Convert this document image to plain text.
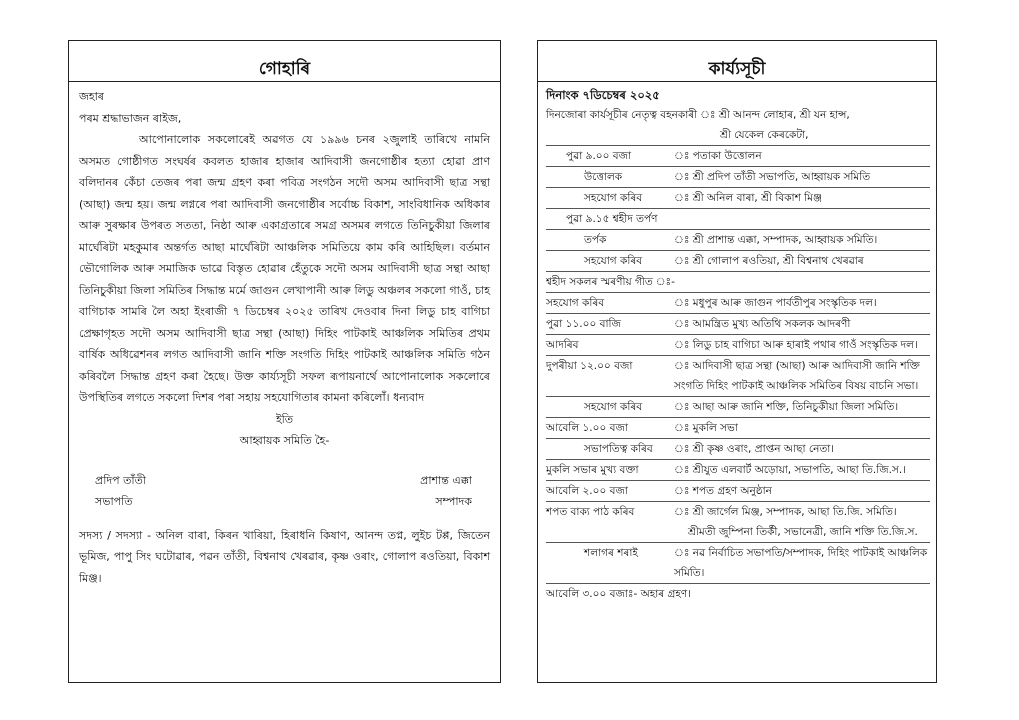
গোহাৰি

জহাৰ

পৰম শ্ৰদ্ধাভাজন ৰাইজ,

আপোনালোক সকলোৰেই অৱগত যে ১৯৯৬ চনৰ ২জুলাই তাৰিখে নামনি অসমত গোষ্ঠীগত সংঘৰ্ষৰ কবলত হাজাৰ হাজাৰ আদিবাসী জনগোষ্ঠীৰ হত্যা হোৱা প্ৰাণ বলিদানৰ কেঁচা তেজৰ পৰা জন্ম গ্ৰহণ কৰা পবিত্ৰ সংগঠন সদৌ অসম আদিবাসী ছাত্ৰ সন্থা (আছা) জন্ম হয়। জন্ম লগ্নৰে পৰা আদিবাসী জনগোষ্ঠীৰ সৰ্বোচ্চ বিকাশ, সাংবিধানিক অধিকাৰ আৰু সুৰক্ষাৰ উপৰত সততা, নিষ্ঠা আৰু একাগ্ৰতাৰে সমগ্ৰ অসমৰ লগতে তিনিচুকীয়া জিলাৰ মাৰ্ঘেৰিটা মহকুমাৰ অন্তৰ্গত আছা মাৰ্ঘেৰিটা আঞ্চলিক সমিতিয়ে কাম কৰি আহিছিল। বৰ্তমান ভৌগোলিক আৰু সমাজিক ভাৱে বিস্তৃত হোৱাৰ হেঁতুকে সদৌ অসম আদিবাসী ছাত্ৰ সন্থা আছা তিনিচুকীয়া জিলা সমিতিৰ সিদ্ধান্ত মৰ্মে জাগুন লেখাপানী আৰু লিডু অঞ্চলৰ সকলো গাওঁ, চাহ বাগিচাক সামৰি লৈ অহা ইংৰাজী ৭ ডিচেম্বৰ ২০২৫ তাৰিখ দেওবাৰ দিনা লিডু চাহ বাগিচা প্ৰেক্ষাগৃহত সদৌ অসম আদিবাসী ছাত্ৰ সন্থা (আছা) দিহিং পাটকাই আঞ্চলিক সমিতিৰ প্ৰথম বাৰ্ষিক অধিৱেশনৰ লগত আদিবাসী জানি শক্তি সংগতি দিহিং পাটকাই আঞ্চলিক সমিতি গঠন কৰিবলৈ সিদ্ধান্ত গ্ৰহণ কৰা হৈছে। উক্ত কাৰ্য্যসূচী সফল ৰূপায়নাৰ্থে আপোনালোক সকলোৰে উপস্থিতিৰ লগতে সকলো দিশৰ পৰা সহায় সহযোগিতাৰ কামনা কৰিলোঁ। ধন্যবাদ

ইতি

আহ্বায়ক সমিতি হৈ-

প্ৰদিপ তাঁতী	প্ৰাশান্ত এক্কা
সভাপতি	সম্পাদক

সদস্য / সদস্যা - অনিল বাৰা, কিৰন খাৰিয়া, হিৰাধনি কিষাণ, আনন্দ তপ্ন, লুইচ টপ্প, জিতেন ভূমিজ, পাপু সিং ঘটোৱাৰ, পৱন তাঁতী, বিশ্বনাথ খেৰৱাৰ, কৃষ্ণ ওৰাং, গোলাপ ৰওতিয়া, বিকাশ মিঞ্জ।

কাৰ্য্যসূচী
দিনাংক ৭ডিচেম্বৰ ২০২৫
দিনজোৰা কাৰ্যসূচীৰ নেতৃত্ব বহনকাৰী ঃ শ্ৰী আনন্দ লোহাৰ, শ্ৰী যন হান্স,
শ্ৰী যেকেল কেৰকেটা,
পুৱা ৯.০০ বজা	ঃ পতাকা উত্তোলন
উত্তোলক	ঃ শ্ৰী প্ৰদিপ তাঁতী সভাপতি, আহ্বায়ক সমিতি
সহযোগ কৰিব	ঃ শ্ৰী অনিল বাৰা, শ্ৰী বিকাশ মিঞ্জ
পুৱা ৯.১৫ শ্বহীদ তৰ্পণ
তৰ্পক	ঃ শ্ৰী প্ৰাশান্ত এক্কা, সম্পাদক, আহ্বায়ক সমিতি।
সহযোগ কৰিব	ঃ শ্ৰী গোলাপ ৰওতিয়া, শ্ৰী বিশ্বনাথ খেৰৱাৰ
শ্বহীদ সকলৰ স্মৰণীয় গীত ঃ-
সহযোগ কৰিব	ঃ মধুপুৰ আৰু জাগুন পাৰ্বতীপুৰ সংস্কৃতিক দল।
পুৱা ১১.০০ বাজি	ঃ আমন্ত্ৰিত মুখ্য অতিথি সকলক আদৰণী
আদৰিব	ঃ লিডু চাহ বাগিচা আৰু হাৰাই পথাৰ গাওঁ সংস্কৃতিক দল।
দুপৰীয়া ১২.০০ বজা	ঃ আদিবাসী ছাত্ৰ সন্থা (আছা) আৰু আদিবাসী জানি শক্তি সংগতি দিহিং পাটকাই আঞ্চলিক সমিতিৰ বিষয় বাচনি সভা।
সহযোগ কৰিব	ঃ আছা আৰু জানি শক্তি, তিনিচুকীয়া জিলা সমিতি।
আবেলি ১.০০ বজা	ঃ মুকলি সভা
সভাপতিত্ব কৰিব	ঃ শ্ৰী কৃষ্ণ ওৰাং, প্ৰাপ্তন আছা নেতা।
মুকলি সভাৰ মুখ্য বক্তা	ঃ শ্ৰীযুত এলবাৰ্ট অড়োয়া, সভাপতি, আছা তি.জি.স.।
আবেলি ২.০০ বজা	ঃ শপত গ্ৰহণ অনুষ্ঠান
শপত বাক্য পাঠ কৰিব	ঃ শ্ৰী জাৰ্গেল মিঞ্জ, সম্পাদক, আছা তি.জি. সমিতি।
শ্ৰীমতী জুম্পিনা তিৰ্কী, সভানেত্ৰী, জানি শক্তি তি.জি.স.
শলাগৰ শৰাই	ঃ নৱ নিৰ্বাচিত সভাপতি/সম্পাদক, দিহিং পাটকাই আঞ্চলিক সমিতি।
আবেলি ৩.০০ বজাঃ- অহাৰ গ্ৰহণ।
